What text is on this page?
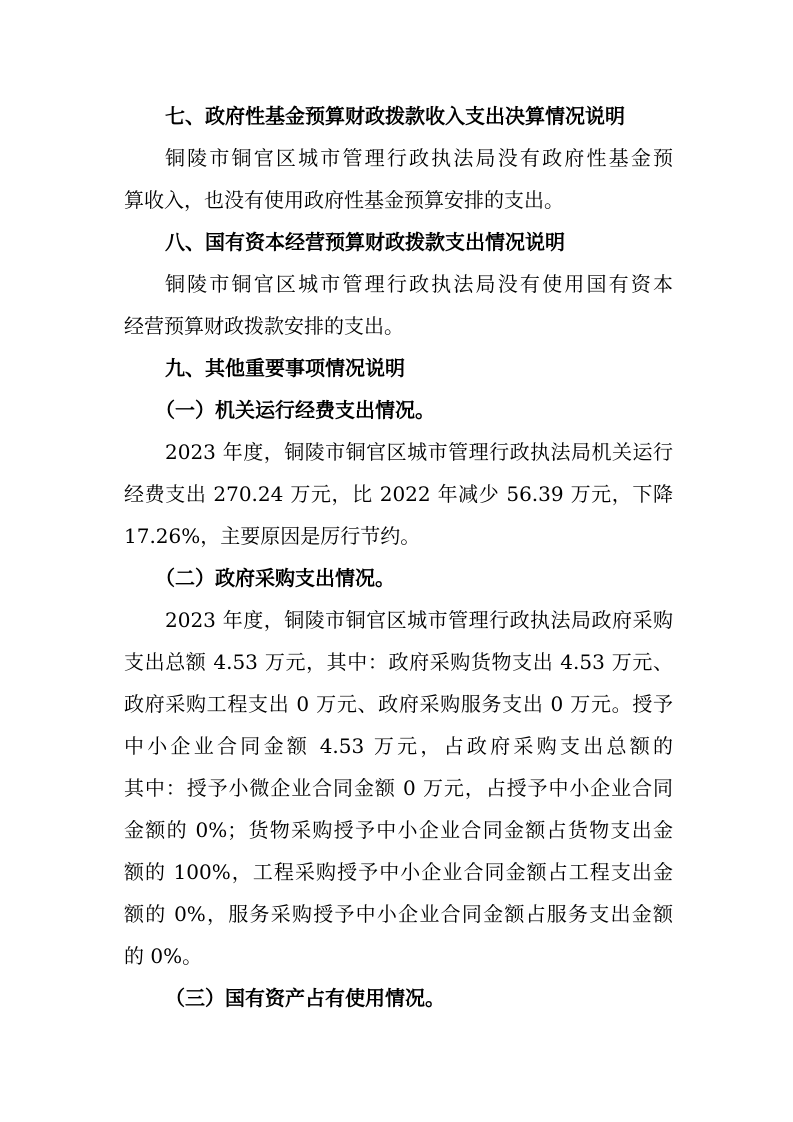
七、政府性基金预算财政拨款收入支出决算情况说明
铜陵市铜官区城市管理行政执法局没有政府性基金预
算收入，也没有使用政府性基金预算安排的支出。
八、国有资本经营预算财政拨款支出情况说明
铜陵市铜官区城市管理行政执法局没有使用国有资本
经营预算财政拨款安排的支出。
九、其他重要事项情况说明
（一）机关运行经费支出情况。
2023 年度，铜陵市铜官区城市管理行政执法局机关运行
经费支出 270.24 万元，比 2022 年减少 56.39 万元，下降
17.26%，主要原因是厉行节约。
（二）政府采购支出情况。
2023 年度，铜陵市铜官区城市管理行政执法局政府采购
支出总额 4.53 万元，其中：政府采购货物支出 4.53 万元、
政府采购工程支出 0 万元、政府采购服务支出 0 万元。授予
中小企业合同金额 4.53 万元，占政府采购支出总额的
其中：授予小微企业合同金额 0 万元，占授予中小企业合同
金额的 0%；货物采购授予中小企业合同金额占货物支出金
额的 100%，工程采购授予中小企业合同金额占工程支出金
额的 0%，服务采购授予中小企业合同金额占服务支出金额
的 0%。
（三）国有资产占有使用情况。
